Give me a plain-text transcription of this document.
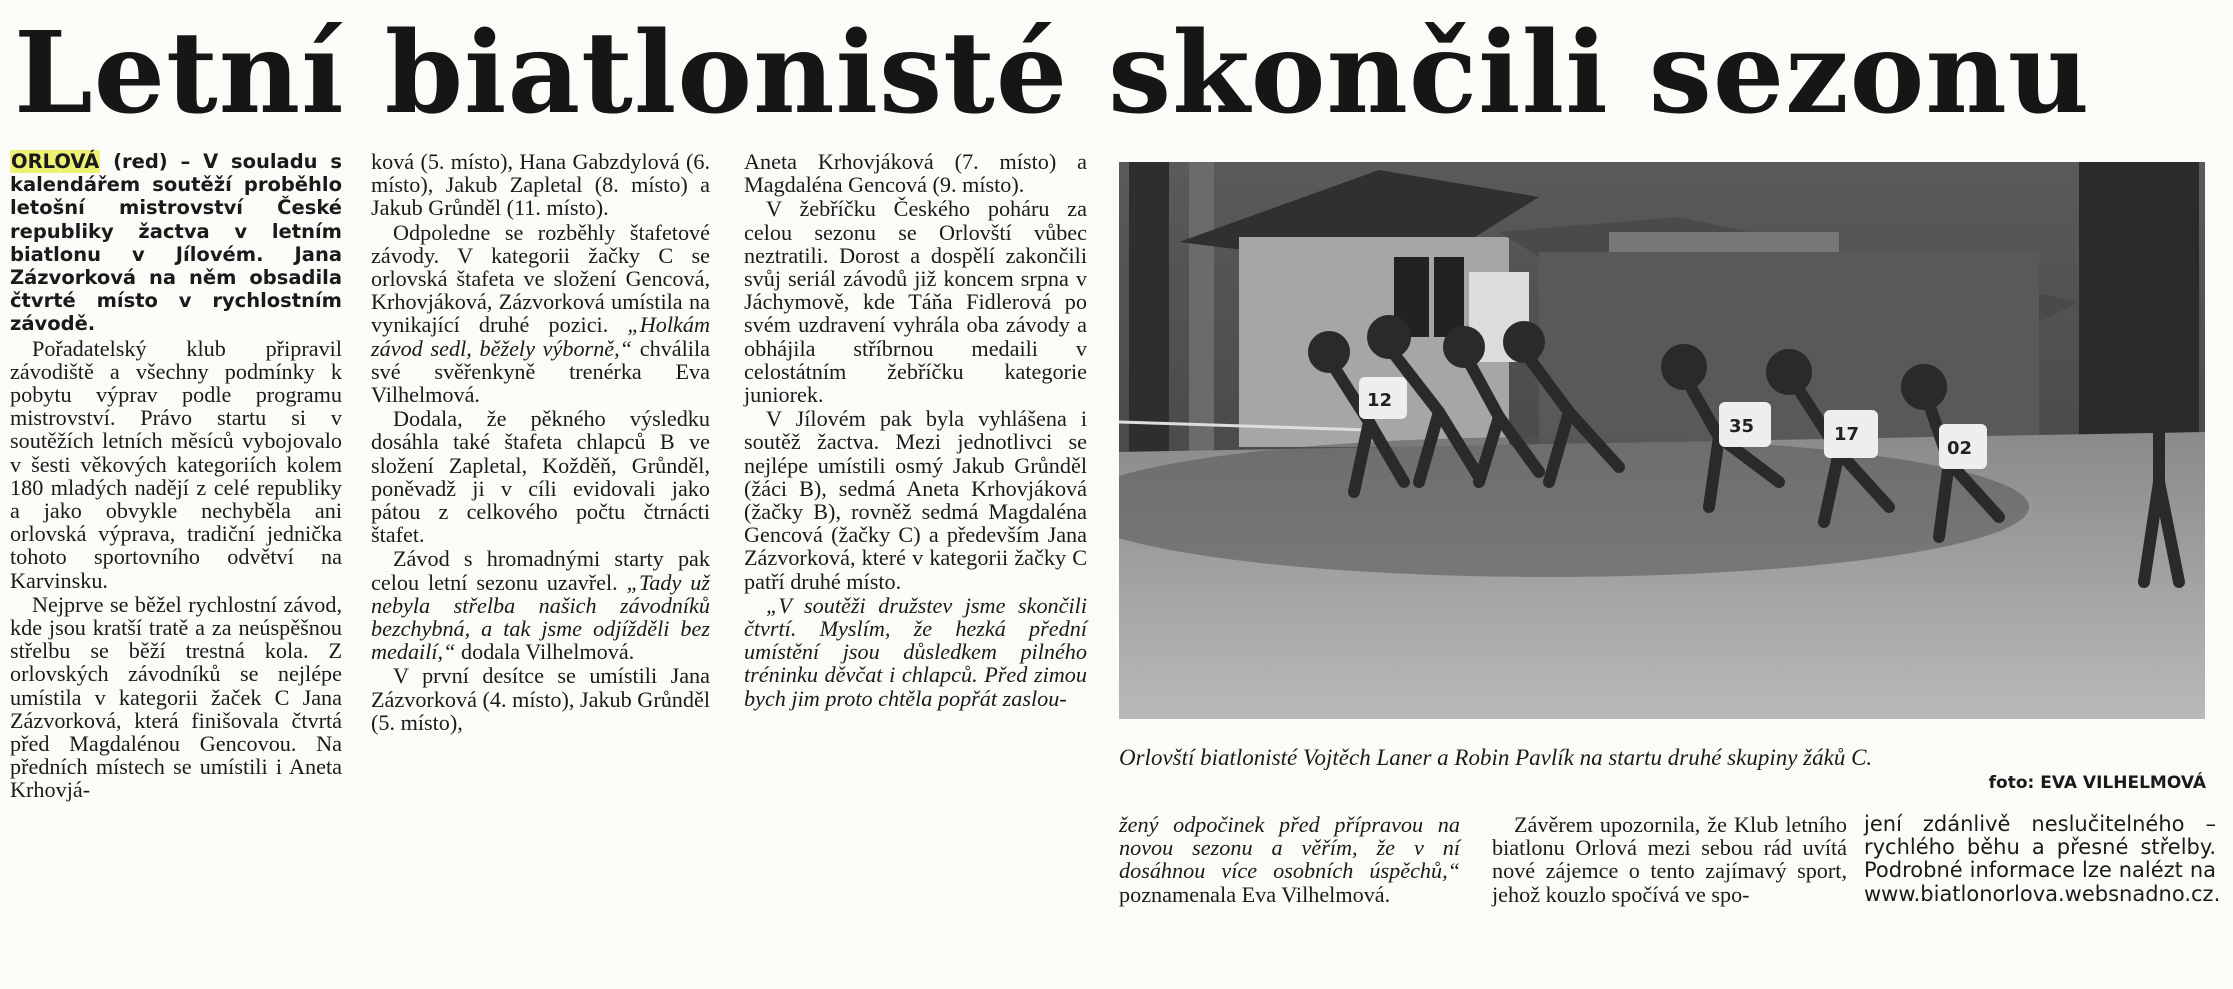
Letní biatlonisté skončili sezonu

ORLOVÁ (red) – V souladu s kalendářem soutěží proběhlo letošní mistrovství České republiky žactva v letním biatlonu v Jílovém. Jana Zázvorková na něm obsadila čtvrté místo v rychlostním závodě.

Pořadatelský klub připravil závodiště a všechny podmínky k pobytu výprav podle programu mistrovství. Právo startu si v soutěžích letních měsíců vybojovalo v šesti věkových kategoriích kolem 180 mladých nadějí z celé republiky a jako obvykle nechyběla ani orlovská výprava, tradiční jednička tohoto sportovního odvětví na Karvinsku.

Nejprve se běžel rychlostní závod, kde jsou kratší tratě a za neúspěšnou střelbu se běží trestná kola. Z orlovských závodníků se nejlépe umístila v kategorii žaček C Jana Zázvorková, která finišovala čtvrtá před Magdalénou Gencovou. Na předních místech se umístili i Aneta Krhovjá-

ková (5. místo), Hana Gabzdylová (6. místo), Jakub Zapletal (8. místo) a Jakub Grůnděl (11. místo).

Odpoledne se rozběhly štafetové závody. V kategorii žačky C se orlovská štafeta ve složení Gencová, Krhovjáková, Zázvorková umístila na vynikající druhé pozici. „Holkám závod sedl, běžely výborně,“ chválila své svěřenkyně trenérka Eva Vilhelmová.

Dodala, že pěkného výsledku dosáhla také štafeta chlapců B ve složení Zapletal, Kožděň, Grůnděl, poněvadž ji v cíli evidovali jako pátou z celkového počtu čtrnácti štafet.

Závod s hromadnými starty pak celou letní sezonu uzavřel. „Tady už nebyla střelba našich závodníků bezchybná, a tak jsme odjížděli bez medailí,“ dodala Vilhelmová.

V první desítce se umístili Jana Zázvorková (4. místo), Jakub Grůnděl (5. místo),

Aneta Krhovjáková (7. místo) a Magdaléna Gencová (9. místo).

V žebříčku Českého poháru za celou sezonu se Orlovští vůbec neztratili. Dorost a dospělí zakončili svůj seriál závodů již koncem srpna v Jáchymově, kde Táňa Fidlerová po svém uzdravení vyhrála oba závody a obhájila stříbrnou medaili v celostátním žebříčku kategorie juniorek.

V Jílovém pak byla vyhlášena i soutěž žactva. Mezi jednotlivci se nejlépe umístili osmý Jakub Grůnděl (žáci B), sedmá Aneta Krhovjáková (žačky B), rovněž sedmá Magdaléna Gencová (žačky C) a především Jana Zázvorková, které v kategorii žačky C patří druhé místo.

„V soutěži družstev jsme skončili čtvrtí. Myslím, že hezká přední umístění jsou důsledkem pilného tréninku děvčat i chlapců. Před zimou bych jim proto chtěla popřát zaslou-

12
35	17
02
Orlovští biatlonisté Vojtěch Laner a Robin Pavlík na startu druhé skupiny žáků C.
foto: EVA VILHELMOVÁ

žený odpočinek před přípravou na novou sezonu a věřím, že v ní dosáhnou více osobních úspěchů,“ poznamenala Eva Vilhelmová.

Závěrem upozornila, že Klub letního biatlonu Orlová mezi sebou rád uvítá nové zájemce o tento zajímavý sport, jehož kouzlo spočívá ve spo-

jení zdánlivě neslučitelného – rychlého běhu a přesné střelby. Podrobné informace lze nalézt na www.biatlonorlova.websnadno.cz.
